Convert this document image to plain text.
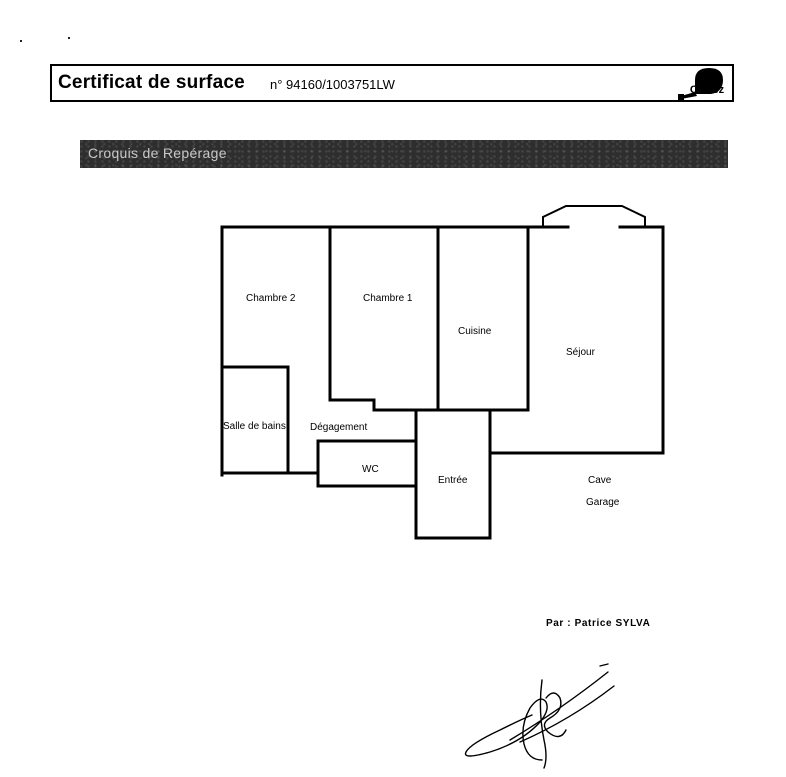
Certificat de surface n° 94160/1003751LW
Loi
Carrez
Croquis de Repérage
Chambre 2	Chambre 1
Cuisine
Séjour
Salle de bains Dégagement
WC
Entrée	Cave
Garage
Par : Patrice SYLVA
